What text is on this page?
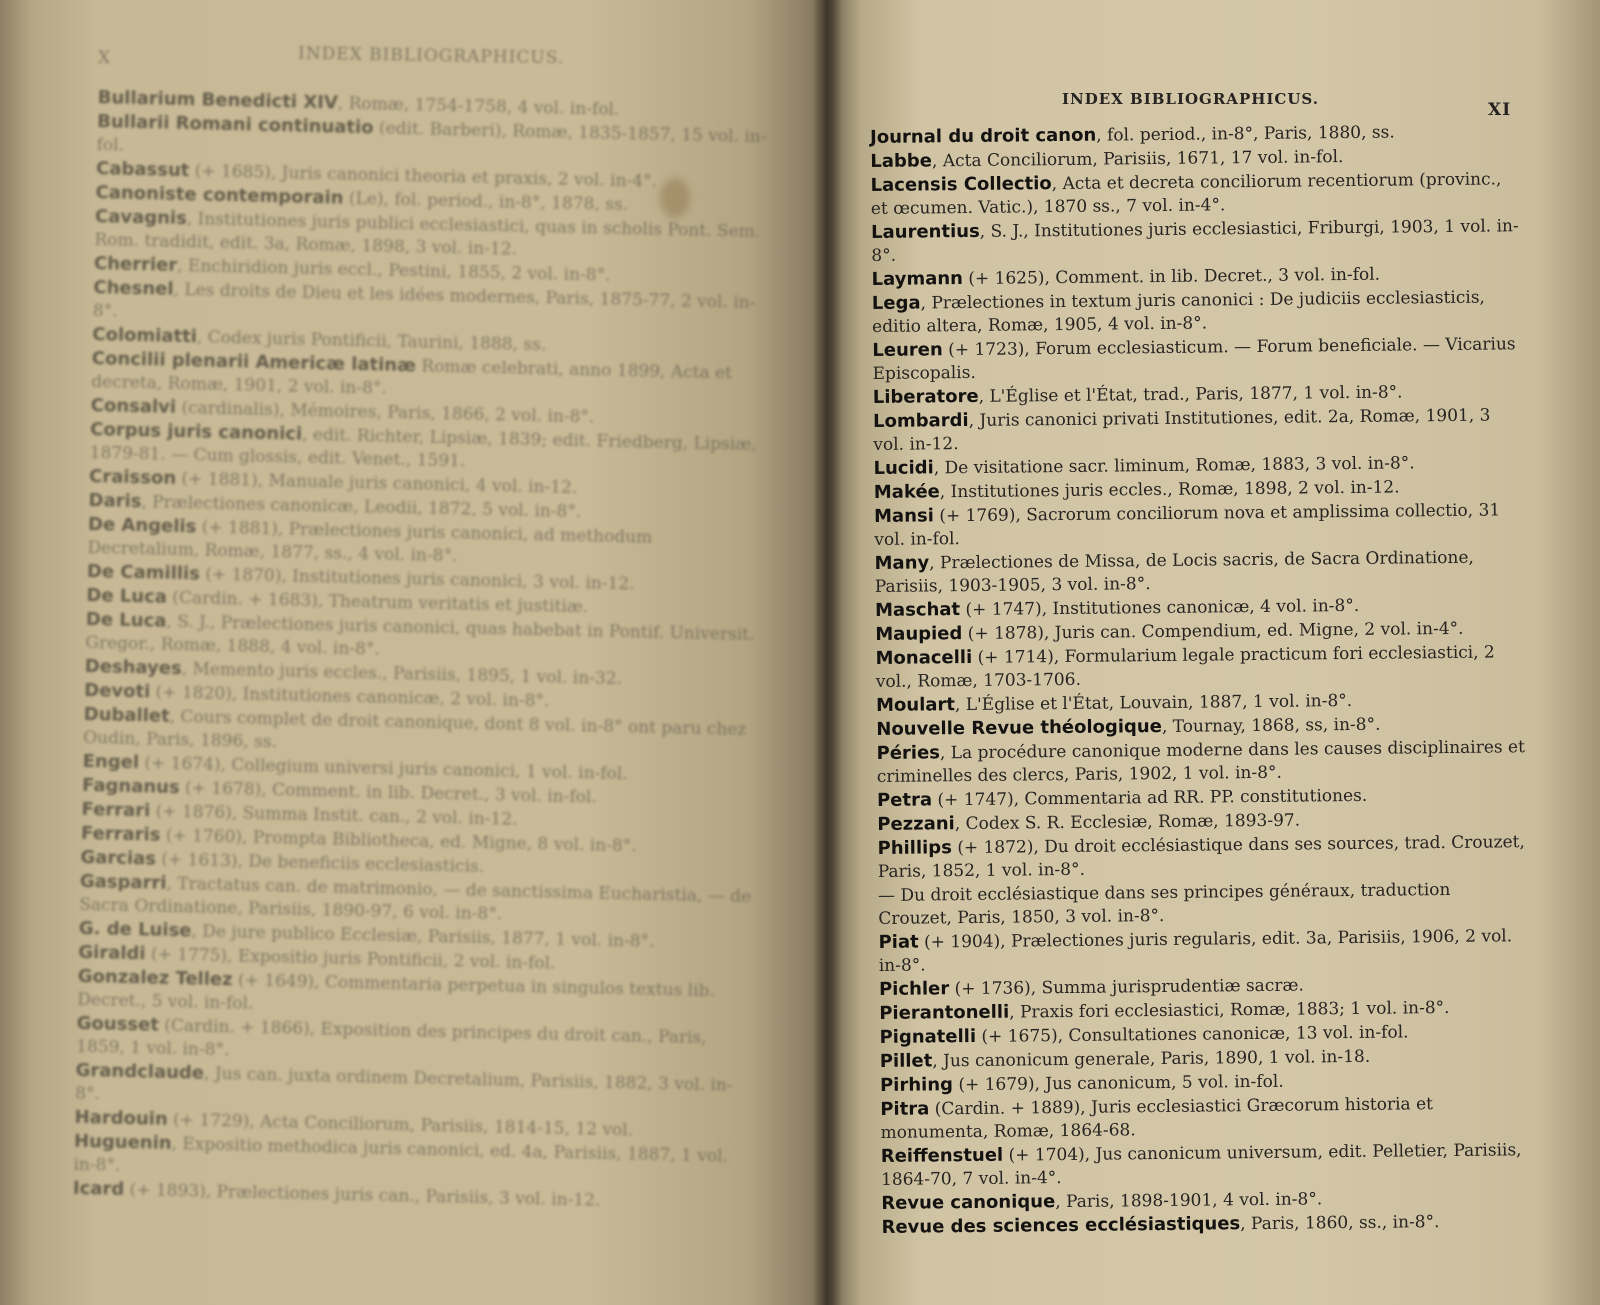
X	INDEX BIBLIOGRAPHICUS.
INDEX BIBLIOGRAPHICUS.
XI
Bullarium Benedicti XIV, Romæ, 1754-1758, 4 vol. in-fol.
Bullarii Romani continuatio (edit. Barberi), Romæ, 1835-1857, 15 vol. in-fol.
Cabassut (+ 1685), Juris canonici theoria et praxis, 2 vol. in-4°.
Canoniste contemporain (Le), fol. period., in-8°, 1878, ss.
Cavagnis, Institutiones juris publici ecclesiastici, quas in scholis Pont. Sem. Rom. tradidit, edit. 3a, Romæ, 1898, 3 vol. in-12.
Cherrier, Enchiridion juris eccl., Pestini, 1855, 2 vol. in-8°.
Chesnel, Les droits de Dieu et les idées modernes, Paris, 1875-77, 2 vol. in-8°.
Colomiatti, Codex juris Pontificii, Taurini, 1888, ss.
Concilii plenarii Americæ latinæ Romæ celebrati, anno 1899, Acta et decreta, Romæ, 1901, 2 vol. in-8°.
Consalvi (cardinalis), Mémoires, Paris, 1866, 2 vol. in-8°.
Corpus juris canonici, edit. Richter, Lipsiæ, 1839; edit. Friedberg, Lipsiæ, 1879-81. — Cum glossis, edit. Venet., 1591.
Craisson (+ 1881), Manuale juris canonici, 4 vol. in-12.
Daris, Prælectiones canonicæ, Leodii, 1872, 5 vol. in-8°.
De Angelis (+ 1881), Prælectiones juris canonici, ad methodum Decretalium, Romæ, 1877, ss., 4 vol. in-8°.
De Camillis (+ 1870), Institutiones juris canonici, 3 vol. in-12.
De Luca (Cardin. + 1683), Theatrum veritatis et justitiæ.
De Luca, S. J., Prælectiones juris canonici, quas habebat in Pontif. Universit. Gregor., Romæ, 1888, 4 vol. in-8°.
Deshayes, Memento juris eccles., Parisiis, 1895, 1 vol. in-32.
Devoti (+ 1820), Institutiones canonicæ, 2 vol. in-8°.
Duballet, Cours complet de droit canonique, dont 8 vol. in-8° ont paru chez Oudin, Paris, 1896, ss.
Engel (+ 1674), Collegium universi juris canonici, 1 vol. in-fol.
Fagnanus (+ 1678), Comment. in lib. Decret., 3 vol. in-fol.
Ferrari (+ 1876), Summa Instit. can., 2 vol. in-12.
Ferraris (+ 1760), Prompta Bibliotheca, ed. Migne, 8 vol. in-8°.
Garcias (+ 1613), De beneficiis ecclesiasticis.
Gasparri, Tractatus can. de matrimonio, — de sanctissima Eucharistia, — de Sacra Ordinatione, Parisiis, 1890-97, 6 vol. in-8°.
G. de Luise, De jure publico Ecclesiæ, Parisiis, 1877, 1 vol. in-8°.
Giraldi (+ 1775), Expositio juris Pontificii, 2 vol. in-fol.
Gonzalez Tellez (+ 1649), Commentaria perpetua in singulos textus lib. Decret., 5 vol. in-fol.
Gousset (Cardin. + 1866), Exposition des principes du droit can., Paris, 1859, 1 vol. in-8°.
Grandclaude, Jus can. juxta ordinem Decretalium, Parisiis, 1882, 3 vol. in-8°.
Hardouin (+ 1729), Acta Conciliorum, Parisiis, 1814-15, 12 vol.
Huguenin, Expositio methodica juris canonici, ed. 4a, Parisiis, 1887, 1 vol. in-8°.
Icard (+ 1893), Prælectiones juris can., Parisiis, 3 vol. in-12.
Journal du droit canon, fol. period., in-8°, Paris, 1880, ss.
Labbe, Acta Conciliorum, Parisiis, 1671, 17 vol. in-fol.
Lacensis Collectio, Acta et decreta conciliorum recentiorum (provinc., et œcumen. Vatic.), 1870 ss., 7 vol. in-4°.
Laurentius, S. J., Institutiones juris ecclesiastici, Friburgi, 1903, 1 vol. in-8°.
Laymann (+ 1625), Comment. in lib. Decret., 3 vol. in-fol.
Lega, Prælectiones in textum juris canonici : De judiciis ecclesiasticis, editio altera, Romæ, 1905, 4 vol. in-8°.
Leuren (+ 1723), Forum ecclesiasticum. — Forum beneficiale. — Vicarius Episcopalis.
Liberatore, L'Église et l'État, trad., Paris, 1877, 1 vol. in-8°.
Lombardi, Juris canonici privati Institutiones, edit. 2a, Romæ, 1901, 3 vol. in-12.
Lucidi, De visitatione sacr. liminum, Romæ, 1883, 3 vol. in-8°.
Makée, Institutiones juris eccles., Romæ, 1898, 2 vol. in-12.
Mansi (+ 1769), Sacrorum conciliorum nova et amplissima collectio, 31 vol. in-fol.
Many, Prælectiones de Missa, de Locis sacris, de Sacra Ordinatione, Parisiis, 1903-1905, 3 vol. in-8°.
Maschat (+ 1747), Institutiones canonicæ, 4 vol. in-8°.
Maupied (+ 1878), Juris can. Compendium, ed. Migne, 2 vol. in-4°.
Monacelli (+ 1714), Formularium legale practicum fori ecclesiastici, 2 vol., Romæ, 1703-1706.
Moulart, L'Église et l'État, Louvain, 1887, 1 vol. in-8°.
Nouvelle Revue théologique, Tournay, 1868, ss, in-8°.
Péries, La procédure canonique moderne dans les causes disciplinaires et criminelles des clercs, Paris, 1902, 1 vol. in-8°.
Petra (+ 1747), Commentaria ad RR. PP. constitutiones.
Pezzani, Codex S. R. Ecclesiæ, Romæ, 1893-97.
Phillips (+ 1872), Du droit ecclésiastique dans ses sources, trad. Crouzet, Paris, 1852, 1 vol. in-8°.
— Du droit ecclésiastique dans ses principes généraux, traduction Crouzet, Paris, 1850, 3 vol. in-8°.
Piat (+ 1904), Prælectiones juris regularis, edit. 3a, Parisiis, 1906, 2 vol. in-8°.
Pichler (+ 1736), Summa jurisprudentiæ sacræ.
Pierantonelli, Praxis fori ecclesiastici, Romæ, 1883; 1 vol. in-8°.
Pignatelli (+ 1675), Consultationes canonicæ, 13 vol. in-fol.
Pillet, Jus canonicum generale, Paris, 1890, 1 vol. in-18.
Pirhing (+ 1679), Jus canonicum, 5 vol. in-fol.
Pitra (Cardin. + 1889), Juris ecclesiastici Græcorum historia et monumenta, Romæ, 1864-68.
Reiffenstuel (+ 1704), Jus canonicum universum, edit. Pelletier, Parisiis, 1864-70, 7 vol. in-4°.
Revue canonique, Paris, 1898-1901, 4 vol. in-8°.
Revue des sciences ecclésiastiques, Paris, 1860, ss., in-8°.
